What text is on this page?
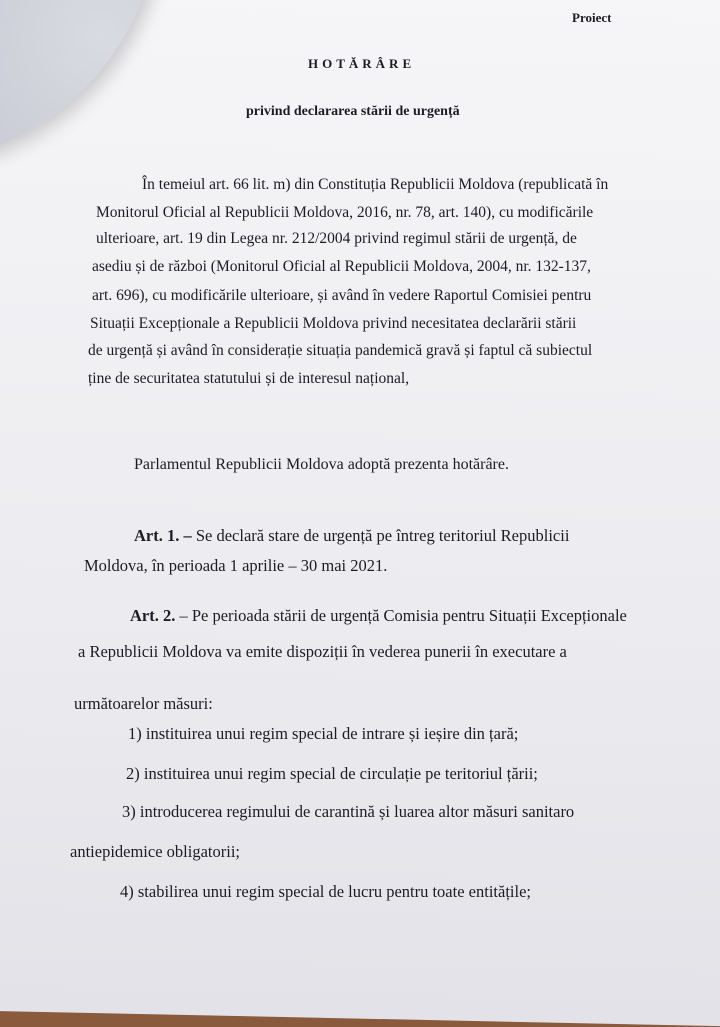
Proiect
HOTĂRÂRE
privind declararea stării de urgență
În temeiul art. 66 lit. m) din Constituția Republicii Moldova (republicată în
Monitorul Oficial al Republicii Moldova, 2016, nr. 78, art. 140), cu modificările
ulterioare, art. 19 din Legea nr. 212/2004 privind regimul stării de urgență, de
asediu și de război (Monitorul Oficial al Republicii Moldova, 2004, nr. 132-137,
art. 696), cu modificările ulterioare, și având în vedere Raportul Comisiei pentru
Situații Excepționale a Republicii Moldova privind necesitatea declarării stării
de urgență și având în considerație situația pandemică gravă și faptul că subiectul
ține de securitatea statutului și de interesul național,
Parlamentul Republicii Moldova adoptă prezenta hotărâre.
Art. 1. – Se declară stare de urgență pe întreg teritoriul Republicii
Moldova, în perioada 1 aprilie – 30 mai 2021.
Art. 2. – Pe perioada stării de urgență Comisia pentru Situații Excepționale
a Republicii Moldova va emite dispoziții în vederea punerii în executare a
următoarelor măsuri:
1) instituirea unui regim special de intrare și ieșire din țară;
2) instituirea unui regim special de circulație pe teritoriul țării;
3) introducerea regimului de carantină și luarea altor măsuri sanitaro
antiepidemice obligatorii;
4) stabilirea unui regim special de lucru pentru toate entitățile;
